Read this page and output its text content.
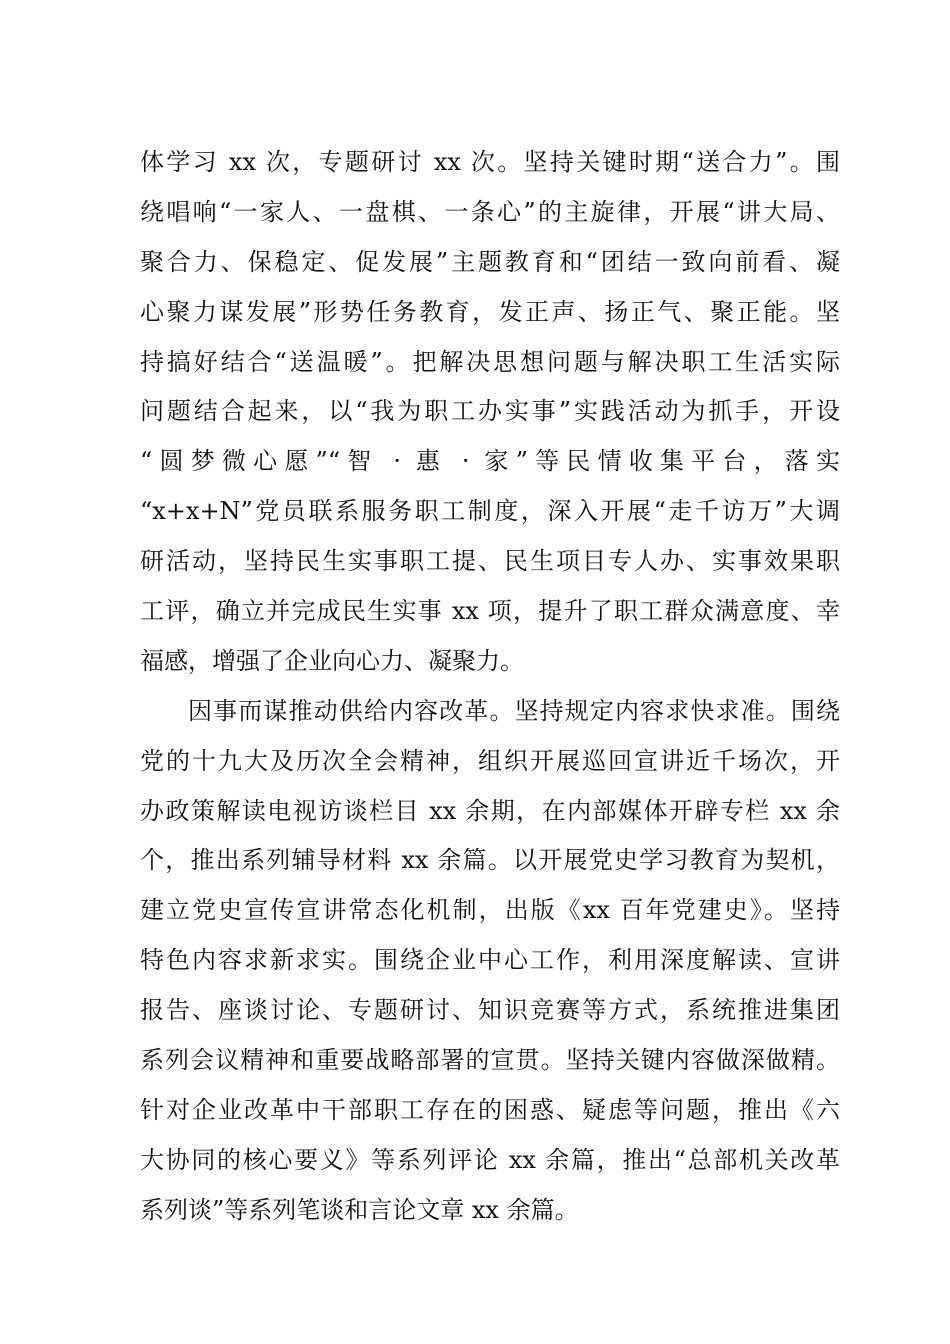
体学习 xx 次，专题研讨 xx 次。坚持关键时期“送合力”。围
绕唱响“一家人、一盘棋、一条心”的主旋律，开展“讲大局、
聚合力、保稳定、促发展”主题教育和“团结一致向前看、凝
心聚力谋发展”形势任务教育，发正声、扬正气、聚正能。坚
持搞好结合“送温暖”。把解决思想问题与解决职工生活实际
问题结合起来，以“我为职工办实事”实践活动为抓手，开设
“圆梦微心愿”“智 · 惠 · 家”等民情收集平台，落实
“x+x+N”党员联系服务职工制度，深入开展“走千访万”大调
研活动，坚持民生实事职工提、民生项目专人办、实事效果职
工评，确立并完成民生实事 xx 项，提升了职工群众满意度、幸
福感，增强了企业向心力、凝聚力。
因事而谋推动供给内容改革。坚持规定内容求快求准。围绕
党的十九大及历次全会精神，组织开展巡回宣讲近千场次，开
办政策解读电视访谈栏目 xx 余期，在内部媒体开辟专栏 xx 余
个，推出系列辅导材料 xx 余篇。以开展党史学习教育为契机，
建立党史宣传宣讲常态化机制，出版《xx 百年党建史》。坚持
特色内容求新求实。围绕企业中心工作，利用深度解读、宣讲
报告、座谈讨论、专题研讨、知识竞赛等方式，系统推进集团
系列会议精神和重要战略部署的宣贯。坚持关键内容做深做精。
针对企业改革中干部职工存在的困惑、疑虑等问题，推出《六
大协同的核心要义》等系列评论 xx 余篇，推出“总部机关改革
系列谈”等系列笔谈和言论文章 xx 余篇。
